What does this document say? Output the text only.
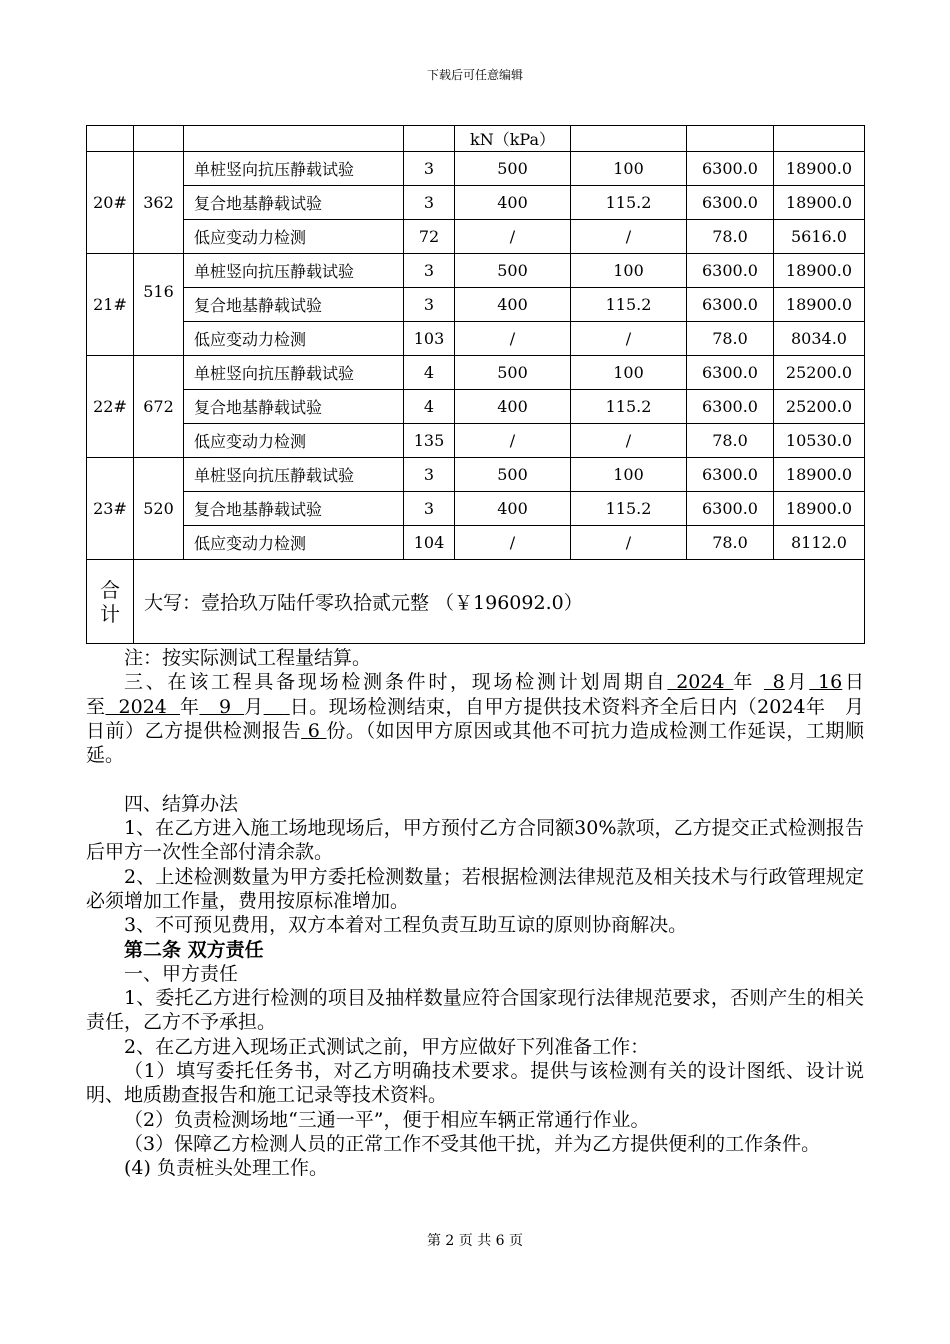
下载后可任意编辑
				kN（kPa）			
20#	362	单桩竖向抗压静载试验	3	500	100	6300.0	18900.0
		复合地基静载试验	3	400	115.2	6300.0	18900.0
		低应变动力检测	72	/	/	78.0	5616.0
21#	516	单桩竖向抗压静载试验	3	500	100	6300.0	18900.0
		复合地基静载试验	3	400	115.2	6300.0	18900.0
		低应变动力检测	103	/	/	78.0	8034.0
22#	672	单桩竖向抗压静载试验	4	500	100	6300.0	25200.0
		复合地基静载试验	4	400	115.2	6300.0	25200.0
		低应变动力检测	135	/	/	78.0	10530.0
23#	520	单桩竖向抗压静载试验	3	500	100	6300.0	18900.0
		复合地基静载试验	3	400	115.2	6300.0	18900.0
		低应变动力检测	104	/	/	78.0	8112.0

合
计	大写：壹拾玖万陆仟零玖拾贰元整 （￥196092.0）						

注：按实际测试工程量结算。

三、在该工程具备现场检测条件时，现场检测计划周期自 2024 年 8月 16日至 2024 年 9 月 日。现场检测结束，自甲方提供技术资料齐全后日内（2024年　月　日前）乙方提供检测报告 6 份。（如因甲方原因或其他不可抗力造成检测工作延误，工期顺延。

四、结算办法

1、在乙方进入施工场地现场后，甲方预付乙方合同额30%款项，乙方提交正式检测报告后甲方一次性全部付清余款。

2、上述检测数量为甲方委托检测数量；若根据检测法律规范及相关技术与行政管理规定必须增加工作量，费用按原标准增加。

3、不可预见费用，双方本着对工程负责互助互谅的原则协商解决。

第二条 双方责任

一、甲方责任

1、委托乙方进行检测的项目及抽样数量应符合国家现行法律规范要求，否则产生的相关责任，乙方不予承担。

2、在乙方进入现场正式测试之前，甲方应做好下列准备工作：

（1）填写委托任务书，对乙方明确技术要求。提供与该检测有关的设计图纸、设计说明、地质勘查报告和施工记录等技术资料。

（2）负责检测场地“三通一平”，便于相应车辆正常通行作业。

（3）保障乙方检测人员的正常工作不受其他干扰，并为乙方提供便利的工作条件。

(4) 负责桩头处理工作。

第 2 页 共 6 页
